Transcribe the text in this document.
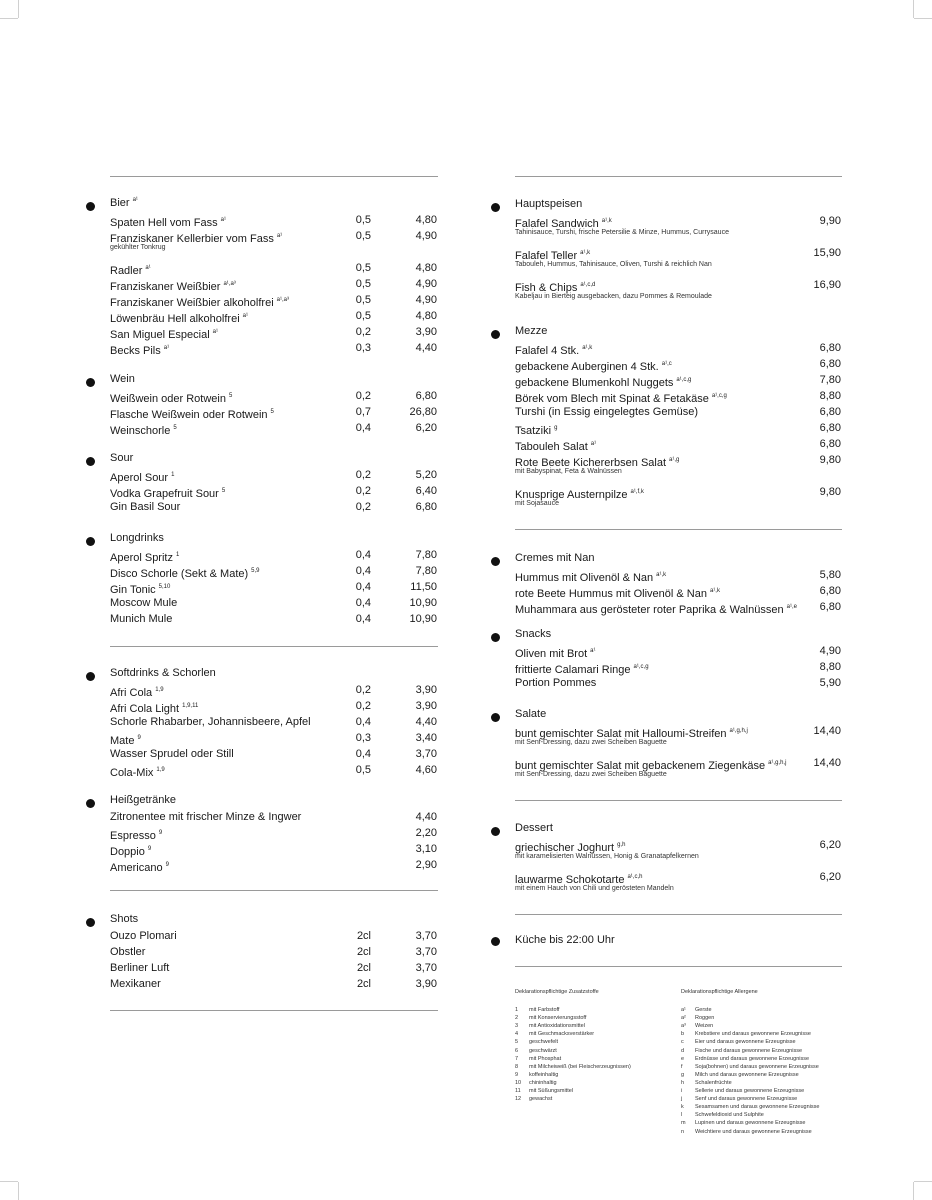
Bier $^{a^1}$
Spaten Hell vom Fass $^{a^1}$	0,5	4,80
Franziskaner Kellerbier vom Fass $^{a^1}$	0,5	4,90
gekühlter Tonkrug
Radler $^{a^1}$	0,5	4,80
Franziskaner Weißbier $^{a^1,a^3}$	0,5	4,90
Franziskaner Weißbier alkoholfrei $^{a^1,a^3}$	0,5	4,90
Löwenbräu Hell alkoholfrei $^{a^1}$	0,5	4,80
San Miguel Especial $^{a^1}$	0,2	3,90
Becks Pils $^{a^1}$	0,3	4,40
Wein
Weißwein oder Rotwein $^5$	0,2	6,80
Flasche Weißwein oder Rotwein $^5$	0,7	26,80
Weinschorle $^5$	0,4	6,20
Sour
Aperol Sour $^1$	0,2	5,20
Vodka Grapefruit Sour $^5$	0,2	6,40
Gin Basil Sour	0,2	6,80
Longdrinks
Aperol Spritz $^1$	0,4	7,80
Disco Schorle (Sekt & Mate) $^{5,9}$	0,4	7,80
Gin Tonic $^{5,10}$	0,4	11,50
Moscow Mule	0,4	10,90
Munich Mule	0,4	10,90
Softdrinks & Schorlen
Afri Cola $^{1,9}$	0,2	3,90
Afri Cola Light $^{1,9,11}$	0,2	3,90
Schorle Rhabarber, Johannisbeere, Apfel	0,4	4,40
Mate $^9$	0,3	3,40
Wasser Sprudel oder Still	0,4	3,70
Cola-Mix $^{1,9}$	0,5	4,60
Heißgetränke
Zitronentee mit frischer Minze & Ingwer	4,40
Espresso $^9$	2,20
Doppio $^9$	3,10
Americano $^9$	2,90
Shots
Ouzo Plomari	2cl	3,70
Obstler	2cl	3,70
Berliner Luft	2cl	3,70
Mexikaner	2cl	3,90
Hauptspeisen
Falafel Sandwich $^{a^1,k}$	9,90
Tahinisauce, Turshi, frische Petersilie & Minze, Hummus, Currysauce
Falafel Teller $^{a^1,k}$	15,90
Tabouleh, Hummus, Tahinisauce, Oliven, Turshi & reichlich Nan
Fish & Chips $^{a^1,c,d}$	16,90
Kabeljau in Bierteig ausgebacken, dazu Pommes & Remoulade
Mezze
Falafel 4 Stk. $^{a^1,k}$	6,80
gebackene Auberginen 4 Stk. $^{a^1,c}$	6,80
gebackene Blumenkohl Nuggets $^{a^1,c,g}$	7,80
Börek vom Blech mit Spinat & Fetakäse $^{a^1,c,g}$	8,80
Turshi (in Essig eingelegtes Gemüse)	6,80
Tsatziki $^g$	6,80
Tabouleh Salat $^{a^1}$	6,80
Rote Beete Kichererbsen Salat $^{a^1,g}$	9,80
mit Babyspinat, Feta & Walnüssen
Knusprige Austernpilze $^{a^1,f,k}$	9,80
mit Sojasauce
Cremes mit Nan
Hummus mit Olivenöl & Nan $^{a^1,k}$	5,80
rote Beete Hummus mit Olivenöl & Nan $^{a^1,k}$	6,80
Muhammara aus gerösteter roter Paprika & Walnüssen $^{a^1,e}$	6,80
Snacks
Oliven mit Brot $^{a^1}$	4,90
frittierte Calamari Ringe $^{a^1,c,g}$	8,80
Portion Pommes	5,90
Salate
bunt gemischter Salat mit Halloumi-Streifen $^{a^1,g,h,j}$	14,40
mit Senf-Dressing, dazu zwei Scheiben Baguette
bunt gemischter Salat mit gebackenem Ziegenkäse $^{a^1,g,h,j}$	14,40
mit Senf-Dressing, dazu zwei Scheiben Baguette
Dessert
griechischer Joghurt $^{g,h}$	6,20
mit karamelisierten Walnüssen, Honig & Granatapfelkernen
lauwarme Schokotarte $^{a^1,c,h}$	6,20
mit einem Hauch von Chili und gerösteten Mandeln
Küche bis 22:00 Uhr
Deklarationspflichtige Zusatzstoffe
1	mit Farbstoff
2	mit Konservierungsstoff
3	mit Antioxidationsmittel
4	mit Geschmacksverstärker
5	geschwefelt
6	geschwärzt
7	mit Phosphat
8	mit Milcheiweiß (bei Fleischerzeugnissen)
9	koffeinhaltig
10	chininhaltig
11	mit Süßungsmittel
12	gewachst
Deklarationspflichtige Allergene
a¹	Gerste
a²	Roggen
a³	Weizen
b	Krebstiere und daraus gewonnene Erzeugnisse
c	Eier und daraus gewonnene Erzeugnisse
d	Fische und daraus gewonnene Erzeugnisse
e	Erdnüsse und daraus gewonnene Erzeugnisse
f	Soja(bohnen) und daraus gewonnene Erzeugnisse
g	Milch und daraus gewonnene Erzeugnisse
h	Schalenfrüchte
i	Sellerie und daraus gewonnene Erzeugnisse
j	Senf und daraus gewonnene Erzeugnisse
k	Sesamsamen und daraus gewonnene Erzeugnisse
l	Schwefeldioxid und Sulphite
m	Lupinen und daraus gewonnene Erzeugnisse
n	Weichtiere und daraus gewonnene Erzeugnisse
